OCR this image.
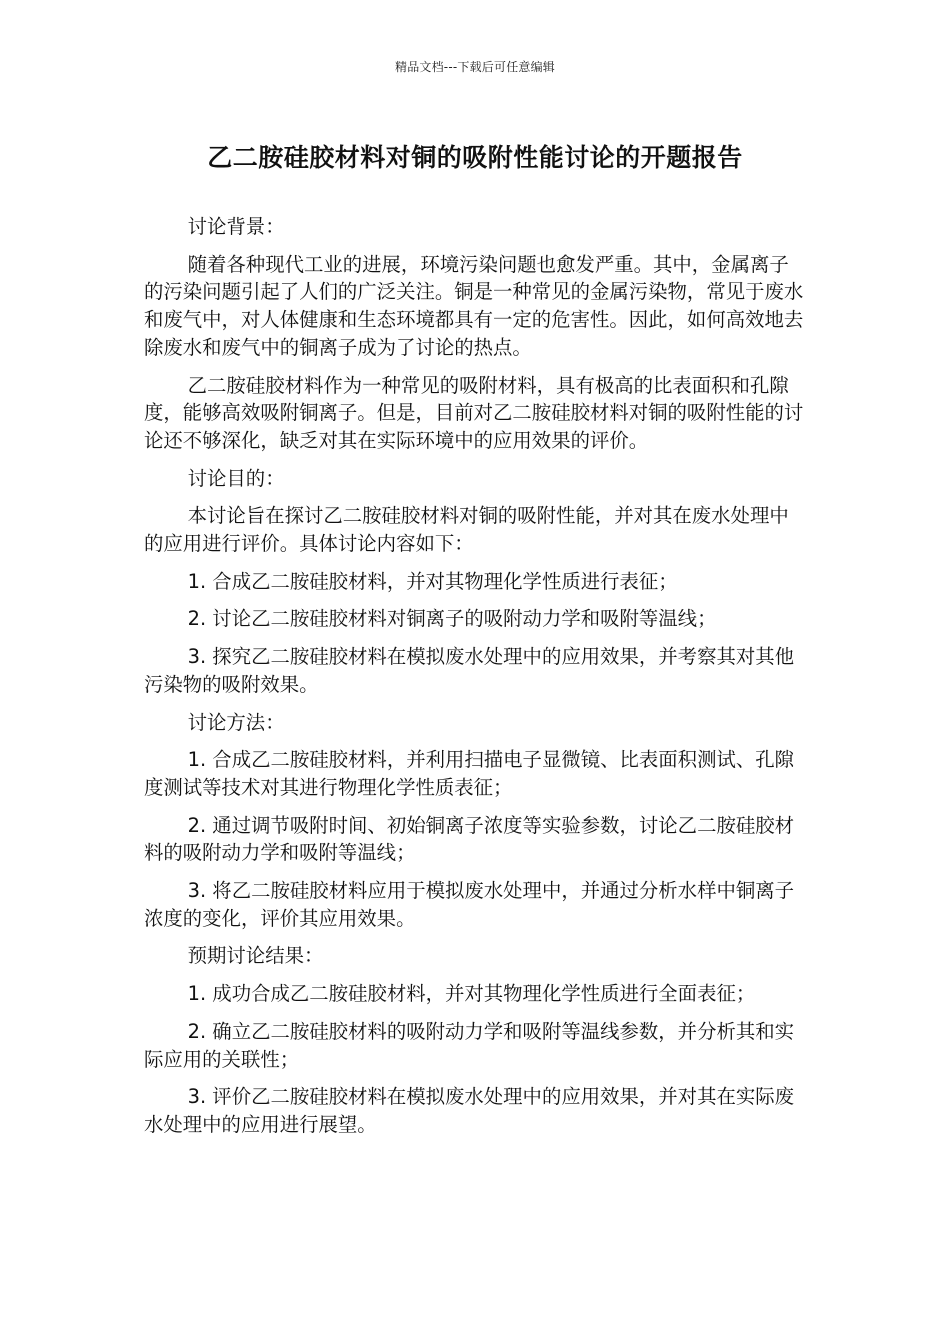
精品文档---下载后可任意编辑
乙二胺硅胶材料对铜的吸附性能讨论的开题报告

讨论背景：

随着各种现代工业的进展，环境污染问题也愈发严重。其中，金属离子的污染问题引起了人们的广泛关注。铜是一种常见的金属污染物，常见于废水和废气中，对人体健康和生态环境都具有一定的危害性。因此，如何高效地去除废水和废气中的铜离子成为了讨论的热点。

乙二胺硅胶材料作为一种常见的吸附材料，具有极高的比表面积和孔隙度，能够高效吸附铜离子。但是，目前对乙二胺硅胶材料对铜的吸附性能的讨论还不够深化，缺乏对其在实际环境中的应用效果的评价。

讨论目的：

本讨论旨在探讨乙二胺硅胶材料对铜的吸附性能，并对其在废水处理中的应用进行评价。具体讨论内容如下：

1. 合成乙二胺硅胶材料，并对其物理化学性质进行表征；

2. 讨论乙二胺硅胶材料对铜离子的吸附动力学和吸附等温线；

3. 探究乙二胺硅胶材料在模拟废水处理中的应用效果，并考察其对其他污染物的吸附效果。

讨论方法：

1. 合成乙二胺硅胶材料，并利用扫描电子显微镜、比表面积测试、孔隙度测试等技术对其进行物理化学性质表征；

2. 通过调节吸附时间、初始铜离子浓度等实验参数，讨论乙二胺硅胶材料的吸附动力学和吸附等温线；

3. 将乙二胺硅胶材料应用于模拟废水处理中，并通过分析水样中铜离子浓度的变化，评价其应用效果。

预期讨论结果：

1. 成功合成乙二胺硅胶材料，并对其物理化学性质进行全面表征；

2. 确立乙二胺硅胶材料的吸附动力学和吸附等温线参数，并分析其和实际应用的关联性；

3. 评价乙二胺硅胶材料在模拟废水处理中的应用效果，并对其在实际废水处理中的应用进行展望。
